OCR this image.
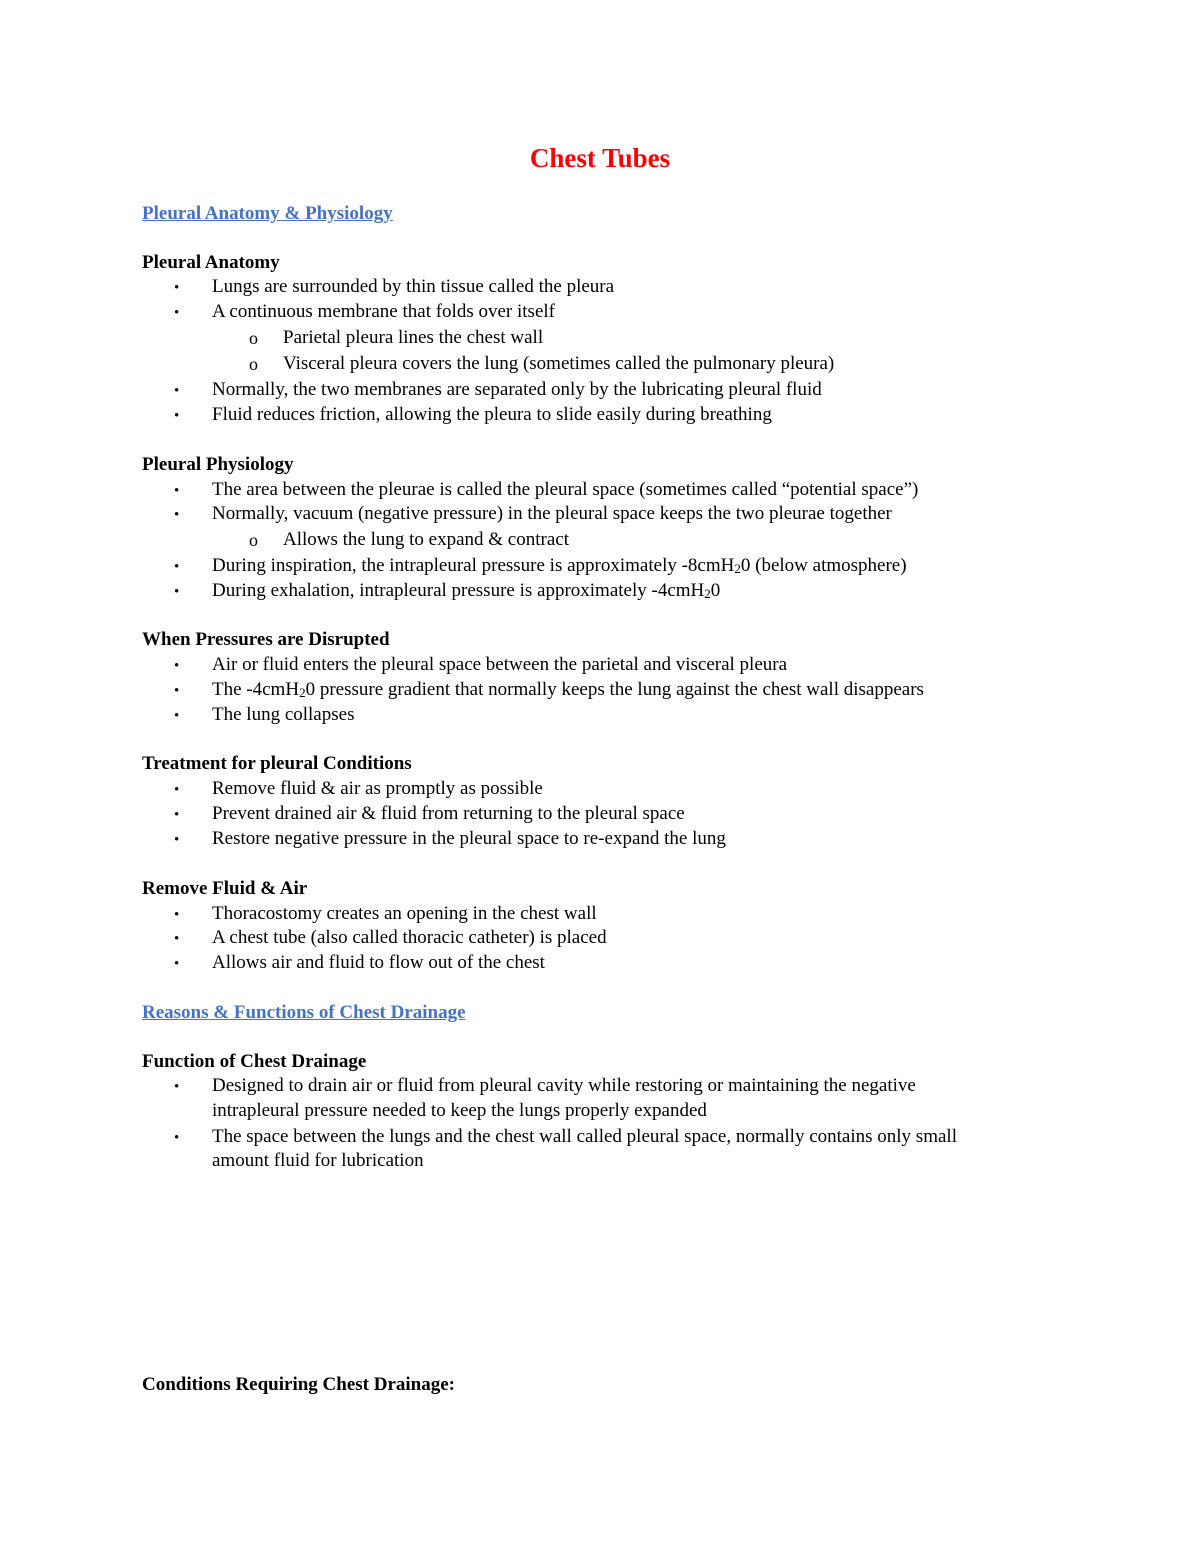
Chest Tubes
Pleural Anatomy & Physiology
Pleural Anatomy
• Lungs are surrounded by thin tissue called the pleura
• A continuous membrane that folds over itself
o Parietal pleura lines the chest wall
o Visceral pleura covers the lung (sometimes called the pulmonary pleura)
• Normally, the two membranes are separated only by the lubricating pleural fluid
• Fluid reduces friction, allowing the pleura to slide easily during breathing
Pleural Physiology
• The area between the pleurae is called the pleural space (sometimes called “potential space”)
• Normally, vacuum (negative pressure) in the pleural space keeps the two pleurae together
o Allows the lung to expand & contract
• During inspiration, the intrapleural pressure is approximately -8cmH$_2$0 (below atmosphere)
• During exhalation, intrapleural pressure is approximately -4cmH$_2$0
When Pressures are Disrupted
• Air or fluid enters the pleural space between the parietal and visceral pleura
• The -4cmH$_2$0 pressure gradient that normally keeps the lung against the chest wall disappears
• The lung collapses
Treatment for pleural Conditions
• Remove fluid & air as promptly as possible
• Prevent drained air & fluid from returning to the pleural space
• Restore negative pressure in the pleural space to re-expand the lung
Remove Fluid & Air
• Thoracostomy creates an opening in the chest wall
• A chest tube (also called thoracic catheter) is placed
• Allows air and fluid to flow out of the chest
Reasons & Functions of Chest Drainage
Function of Chest Drainage
• Designed to drain air or fluid from pleural cavity while restoring or maintaining the negative
intrapleural pressure needed to keep the lungs properly expanded
• The space between the lungs and the chest wall called pleural space, normally contains only small
amount fluid for lubrication
Conditions Requiring Chest Drainage:
